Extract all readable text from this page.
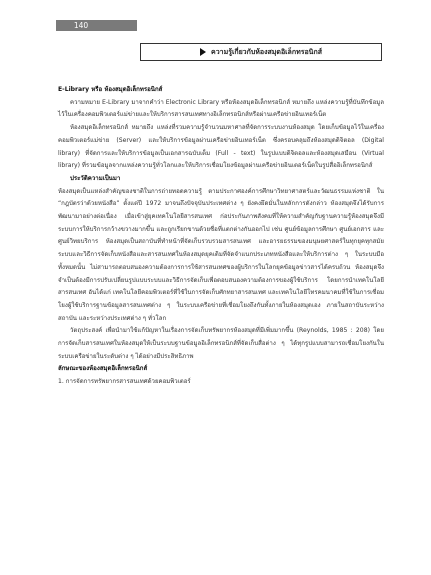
140
ความรู้เกี่ยวกับห้องสมุดอิเล็กทรอนิกส์

E-Library หรือ ห้องสมุดอิเล็กทรอนิกส์

ความหมาย E-Library มาจากคำว่า Electronic Library หรือห้องสมุดอิเล็กทรอนิกส์ หมายถึง แหล่งความรู้ที่บันทึกข้อมูลไว้ในเครื่องคอมพิวเตอร์แม่ข่ายและให้บริการสารสนเทศทางอิเล็กทรอนิกส์หรือผ่านเครือข่ายอินเทอร์เน็ต

ห้องสมุดอิเล็กทรอนิกส์ หมายถึง แหล่งที่รวมความรู้จำนวนมหาศาลที่จัดการระบบงานห้องสมุด โดยเก็บข้อมูลไว้ในเครื่องคอมพิวเตอร์แม่ข่าย (Server) และให้บริการข้อมูลผ่านเครือข่ายอินเทอร์เน็ต ซึ่งครอบคลุมถึงห้องสมุดดิจิตอล (Digital library) ที่จัดการและให้บริการข้อมูลเป็นเอกสารฉบับเต็ม (Full - text) ในรูปแบบดิจิตอลและห้องสมุดเสมือน (Virtual library) ที่รวมข้อมูลจากแหล่งความรู้ทั่วโลกและให้บริการเชื่อมโยงข้อมูลผ่านเครือข่ายอินเตอร์เน็ตในรูปสื่ออิเล็กทรอนิกส์

ประวัติความเป็นมา

ห้องสมุดเป็นแหล่งสำคัญของชาติในการถ่ายทอดความรู้ ตามประกาศองค์การศึกษาวิทยาศาสตร์และวัฒนธรรมแห่งชาติ ใน “กฎบัตรว่าด้วยหนังสือ” ตั้งแต่ปี 1972 มาจนถึงปัจจุบันประเทศต่าง ๆ ยังคงยึดมั่นในหลักการดังกล่าว ห้องสมุดจึงได้รับการพัฒนามาอย่างต่อเนื่อง เมื่อเข้าสู่ยุคเทคโนโลยีสารสนเทศ ก่อประกันภาพสังคมที่ให้ความสำคัญกับฐานความรู้ห้องสมุดจึงมีระบบการให้บริการกว้างขวางมากขึ้น และถูกเรียกขานด้วยชื่อที่แตกต่างกันออกไป เช่น ศูนย์ข้อมูลการศึกษา ศูนย์เอกสาร และศูนย์วิทยบริการ ห้องสมุดเป็นสถาบันที่ทำหน้าที่จัดเก็บรวบรวมสารสนเทศ และอารยธรรมของมนุษยศาสตร์ในทุกยุคทุกสมัย ระบบและวิธีการจัดเก็บหนังสือและสารสนเทศในห้องสมุดยุคเดิมที่จัดจำแนกประเภทหนังสือและให้บริการต่าง ๆ ในระบบมือทั้งหมดนั้น ไม่สามารถตอบสนองความต้องการการใช้สารสนเทศของผู้บริการในโลกยุคข้อมูลข่าวสารได้ครบถ้วน ห้องสมุดจึงจำเป็นต้องมีการปรับเปลี่ยนรูปแบบระบบและวิธีการจัดเก็บเพื่อตอบสนองความต้องการของผู้ใช้บริการ โดยการนำเทคโนโลยีสารสนเทศ อันได้แก่ เทคโนโลยีคอมพิวเตอร์ที่ใช้ในการจัดเก็บศักทยาสารสนเทศ และเทคโนโลยีโทรคมนาคมที่ใช้ในการเชื่อมโยงผู้ใช้บริการฐานข้อมูลสารสนเทศต่าง ๆ ในระบบเครือข่ายที่เชื่อมโยงถึงกันทั้งภายในห้องสมุดเอง ภายในสถาบันระหว่างสถาบัน และระหว่างประเทศต่าง ๆ ทั่วโลก

วัตถุประสงค์ เพื่อนำมาใช้แก้ปัญหาในเรื่องการจัดเก็บทรัพยากรห้องสมุดที่มีเพิ่มมากขึ้น (Reynolds, 1985 : 208) โดยการจัดเก็บสารสนเทศในห้องสมุดให้เป็นระบบฐานข้อมูลอิเล็กทรอนิกส์ที่จัดเก็บสื่อต่าง ๆ ได้ทุกรูปแบบสามารถเชื่อมโยงกันในระบบเครือข่ายในระดับต่าง ๆ ได้อย่างมีประสิทธิภาพ

ลักษณะของห้องสมุดอิเล็กทรอนิกส์

1. การจัดการทรัพยากรสารสนเทศด้วยคอมพิวเตอร์
